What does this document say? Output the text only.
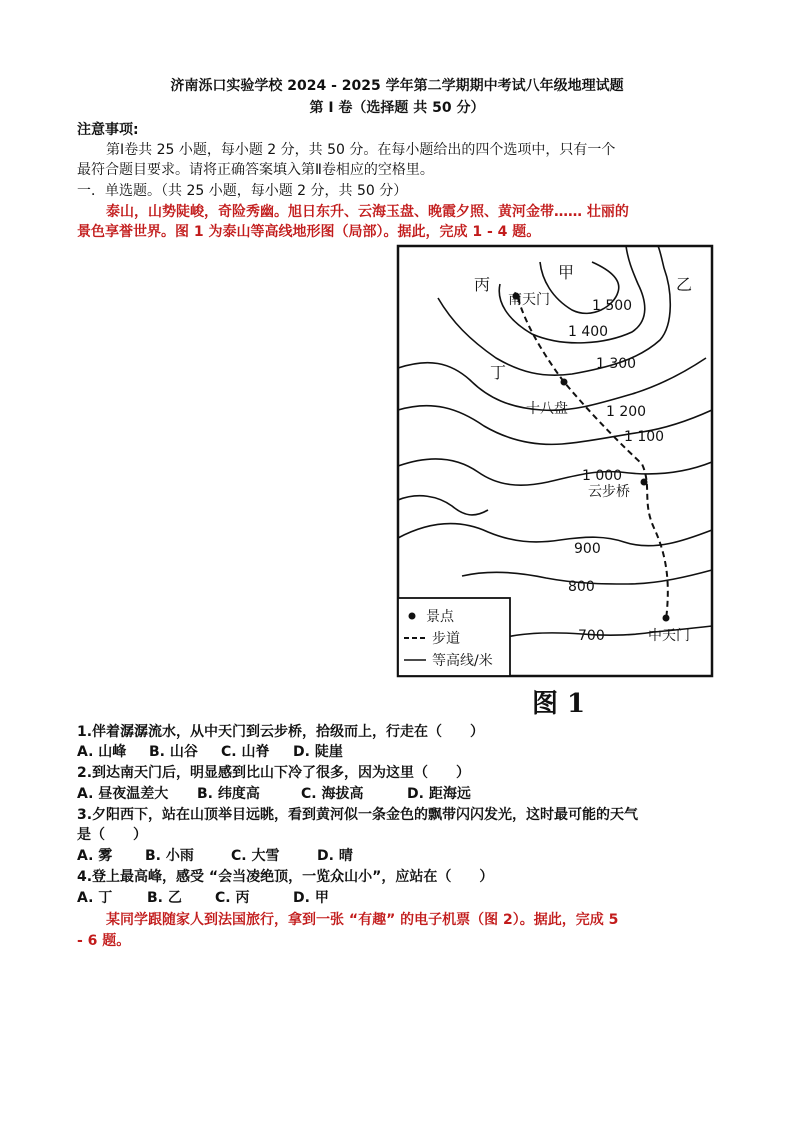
济南泺口实验学校 2024 - 2025 学年第二学期期中考试八年级地理试题
第 Ⅰ 卷（选择题 共 50 分）
注意事项:
第Ⅰ卷共 25 小题，每小题 2 分，共 50 分。在每小题给出的四个选项中，只有一个
最符合题目要求。请将正确答案填入第Ⅱ卷相应的空格里。
一．单选题。（共 25 小题，每小题 2 分，共 50 分）
泰山，山势陡峻，奇险秀幽。旭日东升、云海玉盘、晚霞夕照、黄河金带…… 壮丽的
景色享誉世界。图 1 为泰山等高线地形图（局部）。据此，完成 1 - 4 题。
丙
甲
乙
丁
南天门
十八盘
云步桥
中天门
1 500
1 400
1 300
1 200
1 100
1 000
900
800
700
景点
步道
等高线/米
图 1
1.伴着潺潺流水，从中天门到云步桥，拾级而上，行走在（　　）
A. 山峰 B. 山谷 C. 山脊 D. 陡崖
2.到达南天门后，明显感到比山下冷了很多，因为这里（　　）
A. 昼夜温差大 B. 纬度高	C. 海拔高	D. 距海远
3.夕阳西下，站在山顶举目远眺，看到黄河似一条金色的飘带闪闪发光，这时最可能的天气
是（　　）
A. 雾 B. 小雨	C. 大雪	D. 晴
4.登上最高峰，感受 “会当凌绝顶，一览众山小”，应站在（　　）
A. 丁 B. 乙 C. 丙	D. 甲
某同学跟随家人到法国旅行，拿到一张 “有趣” 的电子机票（图 2）。据此，完成 5
- 6 题。
